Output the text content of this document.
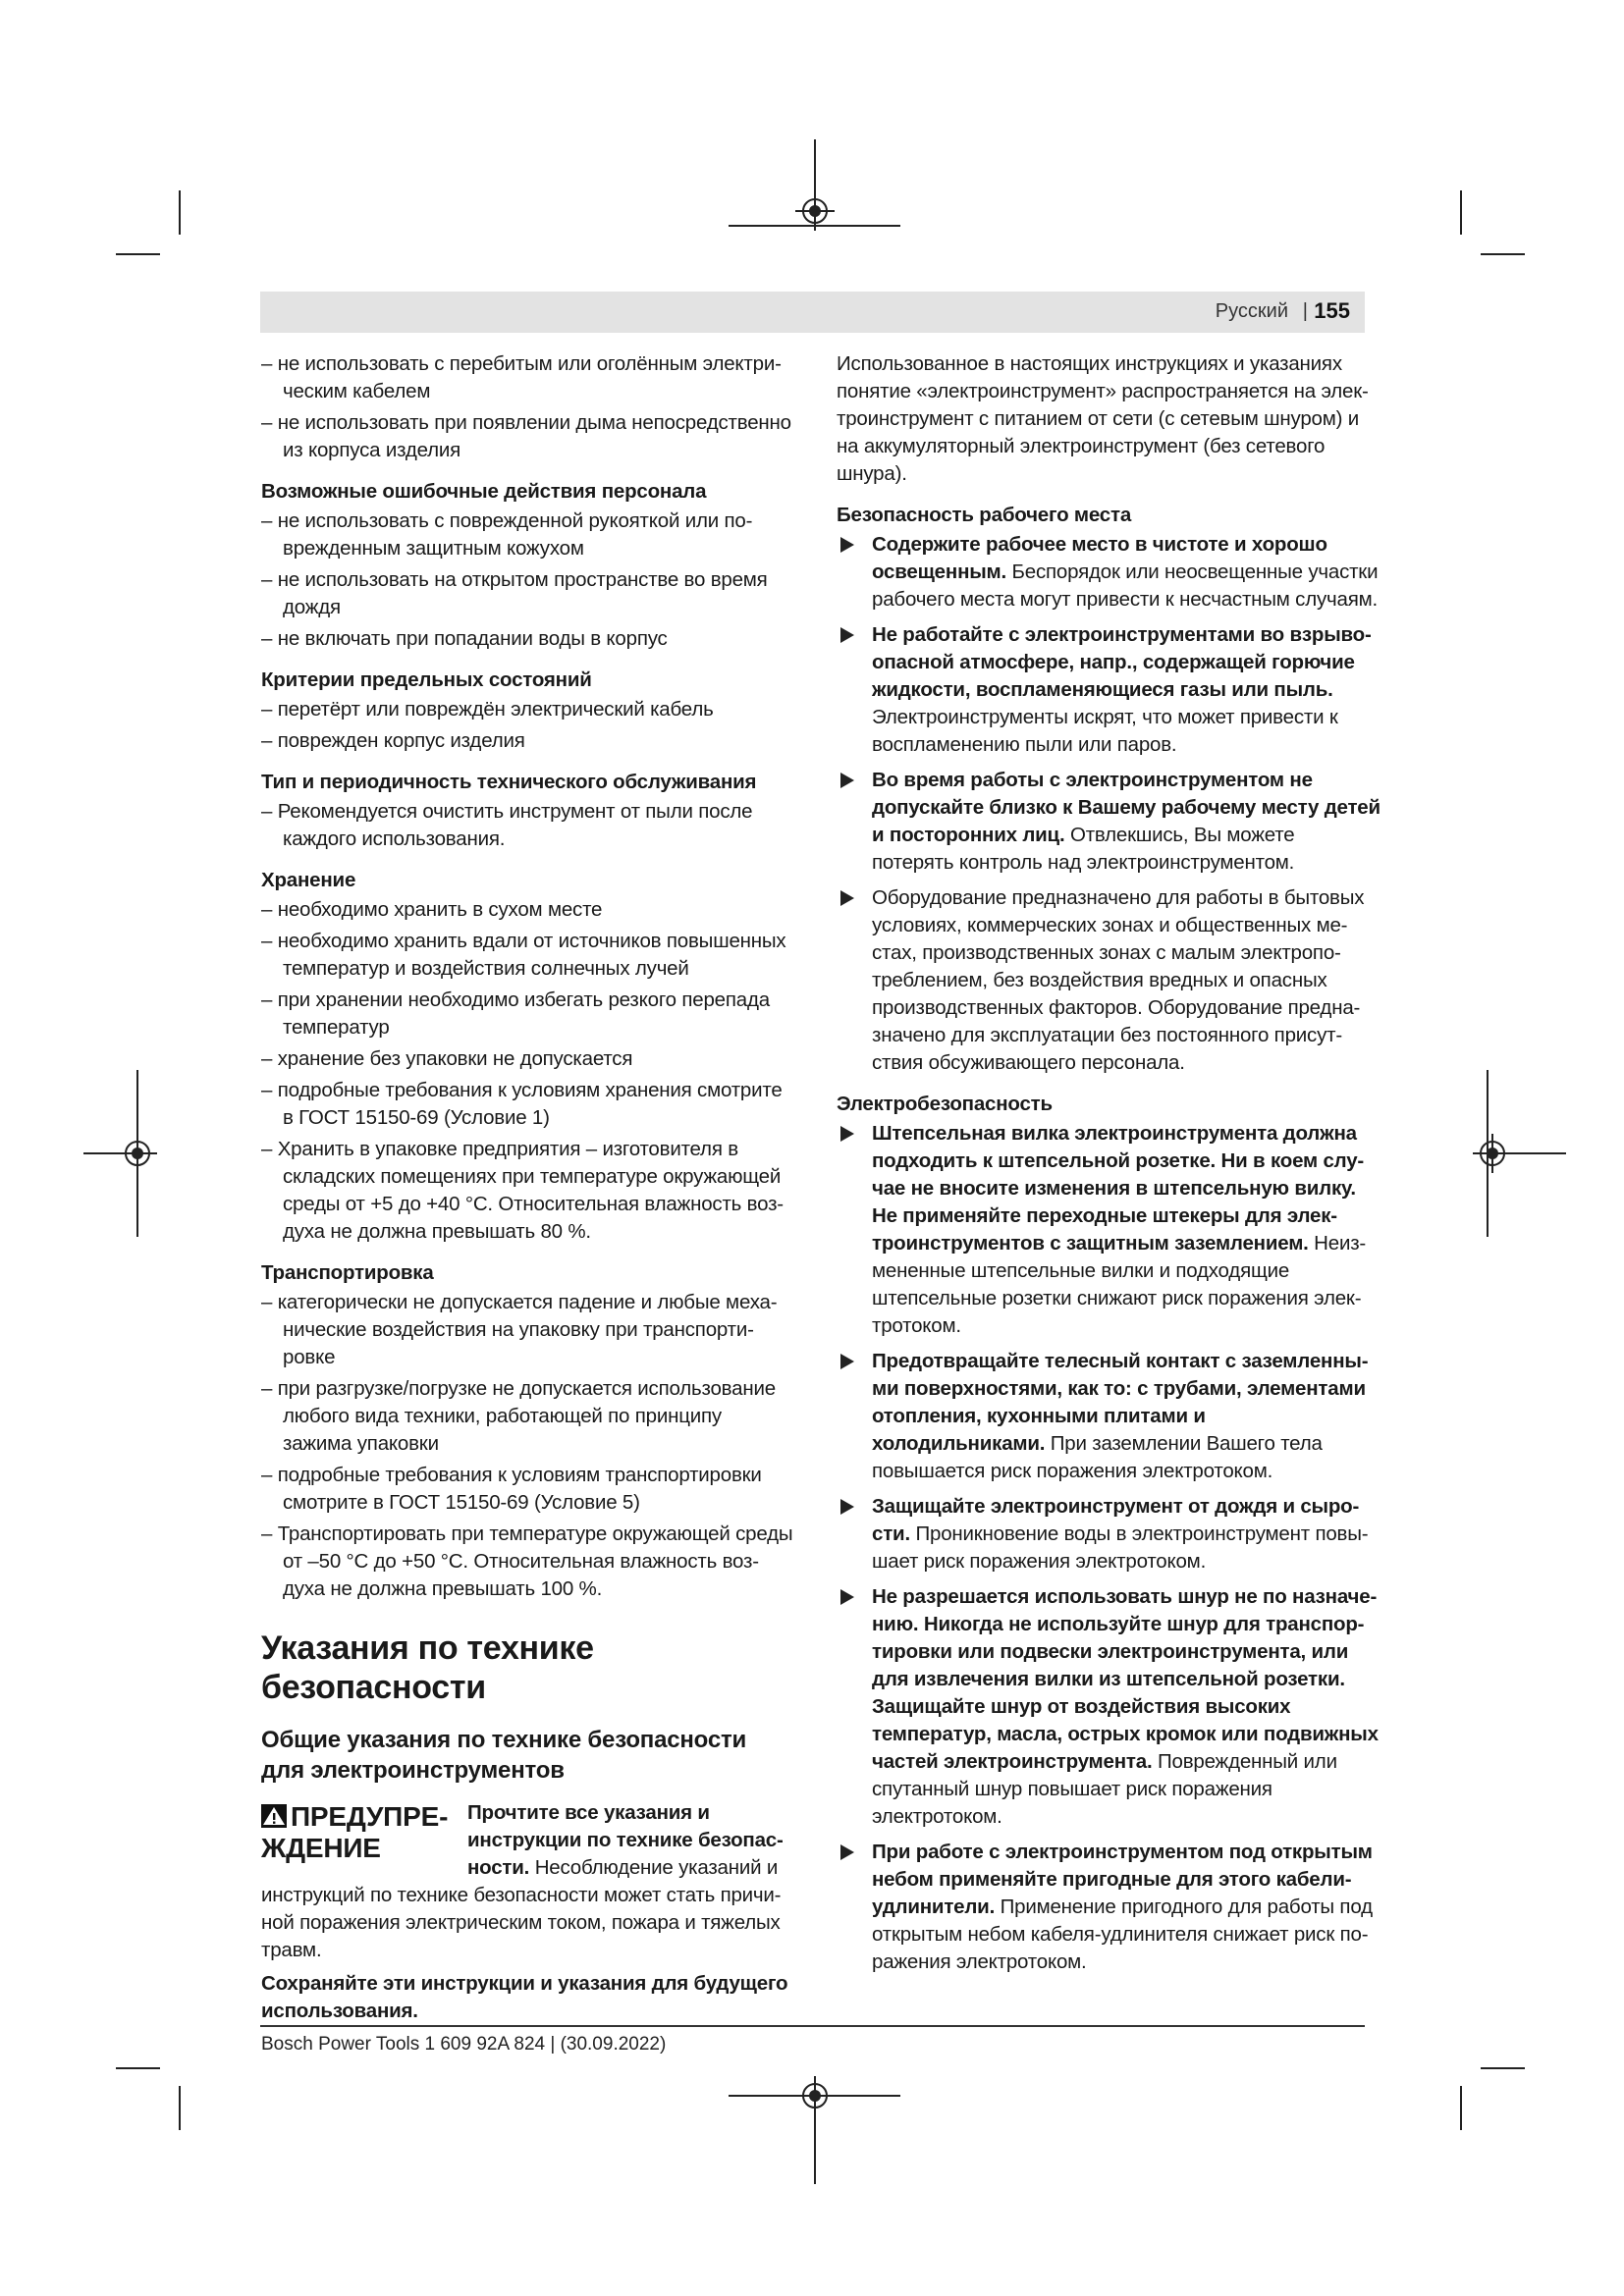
Русский | 155
– не использовать с перебитым или оголённым электрическим кабелем
– не использовать при появлении дыма непосредственно из корпуса изделия
Возможные ошибочные действия персонала
– не использовать с поврежденной рукояткой или поврежденным защитным кожухом
– не использовать на открытом пространстве во время дождя
– не включать при попадании воды в корпус
Критерии предельных состояний
– перетёрт или повреждён электрический кабель
– поврежден корпус изделия
Тип и периодичность технического обслуживания
– Рекомендуется очистить инструмент от пыли после каждого использования.
Хранение
– необходимо хранить в сухом месте
– необходимо хранить вдали от источников повышенных температур и воздействия солнечных лучей
– при хранении необходимо избегать резкого перепада температур
– хранение без упаковки не допускается
– подробные требования к условиям хранения смотрите в ГОСТ 15150-69 (Условие 1)
– Хранить в упаковке предприятия – изготовителя в складских помещениях при температуре окружающей среды от +5 до +40 °C. Относительная влажность воздуха не должна превышать 80 %.
Транспортировка
– категорически не допускается падение и любые механические воздействия на упаковку при транспортировке
– при разгрузке/погрузке не допускается использование любого вида техники, работающей по принципу зажима упаковки
– подробные требования к условиям транспортировки смотрите в ГОСТ 15150-69 (Условие 5)
– Транспортировать при температуре окружающей среды от –50 °C до +50 °C. Относительная влажность воздуха не должна превышать 100 %.
Указания по технике безопасности
Общие указания по технике безопасности для электроинструментов
ПРЕДУПРЕЖДЕНИЕ

Прочтите все указания и инструкции по технике безопасности. Несоблюдение указаний и инструкций по технике безопасности может стать причиной поражения электрическим током, пожара и тяжелых травм.

Сохраняйте эти инструкции и указания для будущего использования.

Использованное в настоящих инструкциях и указаниях понятие «электроинструмент» распространяется на электроинструмент с питанием от сети (с сетевым шнуром) и на аккумуляторный электроинструмент (без сетевого шнура).

Безопасность рабочего места
Содержите рабочее место в чистоте и хорошо освещенным. Беспорядок или неосвещенные участки рабочего места могут привести к несчастным случаям.
Не работайте с электроинструментами во взрывоопасной атмосфере, напр., содержащей горючие жидкости, воспламеняющиеся газы или пыль. Электроинструменты искрят, что может привести к воспламенению пыли или паров.
Во время работы с электроинструментом не допускайте близко к Вашему рабочему месту детей и посторонних лиц. Отвлекшись, Вы можете потерять контроль над электроинструментом.
Оборудование предназначено для работы в бытовых условиях, коммерческих зонах и общественных местах, производственных зонах с малым электропотреблением, без воздействия вредных и опасных производственных факторов. Оборудование предназначено для эксплуатации без постоянного присутствия обсуживающего персонала.
Электробезопасность
Штепсельная вилка электроинструмента должна подходить к штепсельной розетке. Ни в коем случае не вносите изменения в штепсельную вилку. Не применяйте переходные штекеры для электроинструментов с защитным заземлением. Неизмененные штепсельные вилки и подходящие штепсельные розетки снижают риск поражения электротоком.
Предотвращайте телесный контакт с заземленными поверхностями, как то: с трубами, элементами отопления, кухонными плитами и холодильниками. При заземлении Вашего тела повышается риск поражения электротоком.
Защищайте электроинструмент от дождя и сырости. Проникновение воды в электроинструмент повышает риск поражения электротоком.
Не разрешается использовать шнур не по назначению. Никогда не используйте шнур для транспортировки или подвески электроинструмента, или для извлечения вилки из штепсельной розетки. Защищайте шнур от воздействия высоких температур, масла, острых кромок или подвижных частей электроинструмента. Поврежденный или спутанный шнур повышает риск поражения электротоком.
При работе с электроинструментом под открытым небом применяйте пригодные для этого кабели-удлинители. Применение пригодного для работы под открытым небом кабеля-удлинителя снижает риск поражения электротоком.
Bosch Power Tools 1 609 92A 824 | (30.09.2022)
